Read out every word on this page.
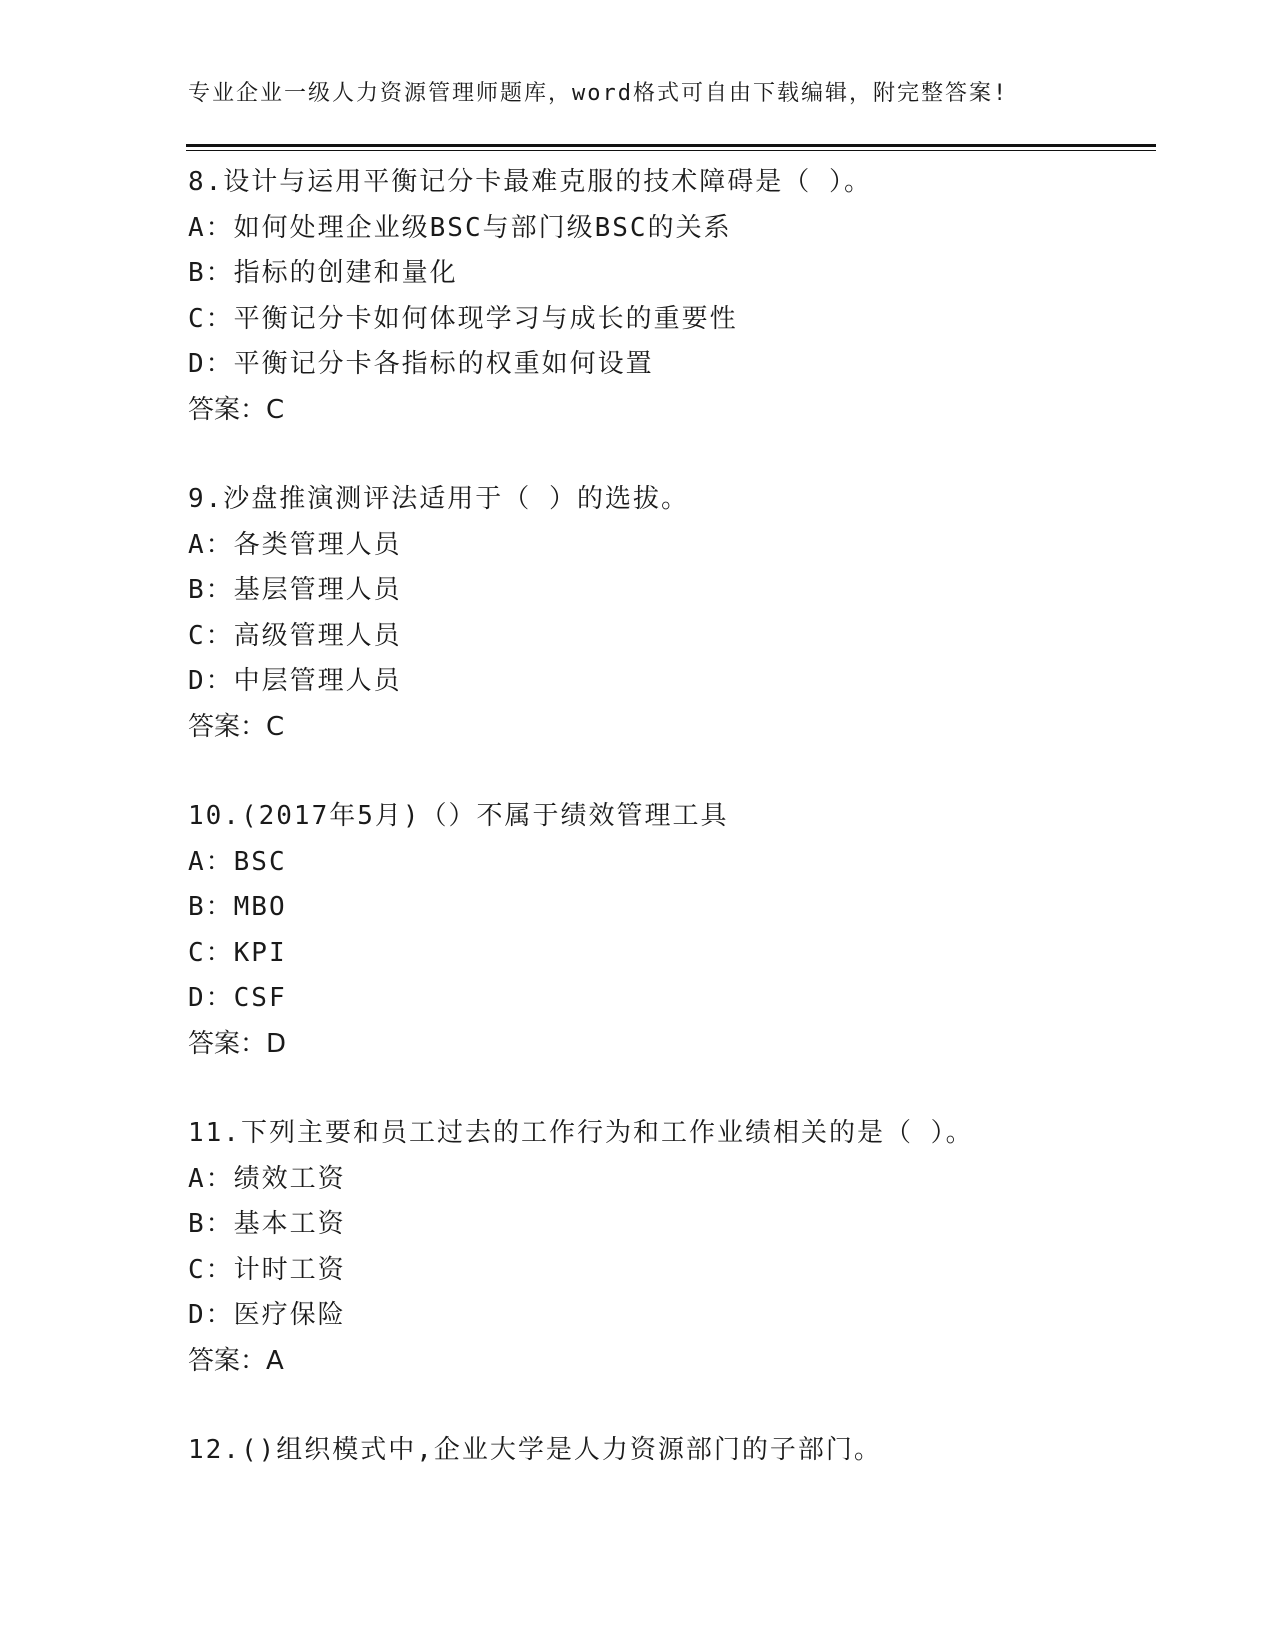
专业企业一级人力资源管理师题库，word格式可自由下载编辑，附完整答案!
8.设计与运用平衡记分卡最难克服的技术障碍是（ ）。
A：如何处理企业级BSC与部门级BSC的关系
B：指标的创建和量化
C：平衡记分卡如何体现学习与成长的重要性
D：平衡记分卡各指标的权重如何设置
答案：C
9.沙盘推演测评法适用于（ ）的选拔。
A：各类管理人员
B：基层管理人员
C：高级管理人员
D：中层管理人员
答案：C
10.(2017年5月)（）不属于绩效管理工具
A：BSC
B：MBO
C：KPI
D：CSF
答案：D
11.下列主要和员工过去的工作行为和工作业绩相关的是（ ）。
A：绩效工资
B：基本工资
C：计时工资
D：医疗保险
答案：A
12.()组织模式中,企业大学是人力资源部门的子部门。
